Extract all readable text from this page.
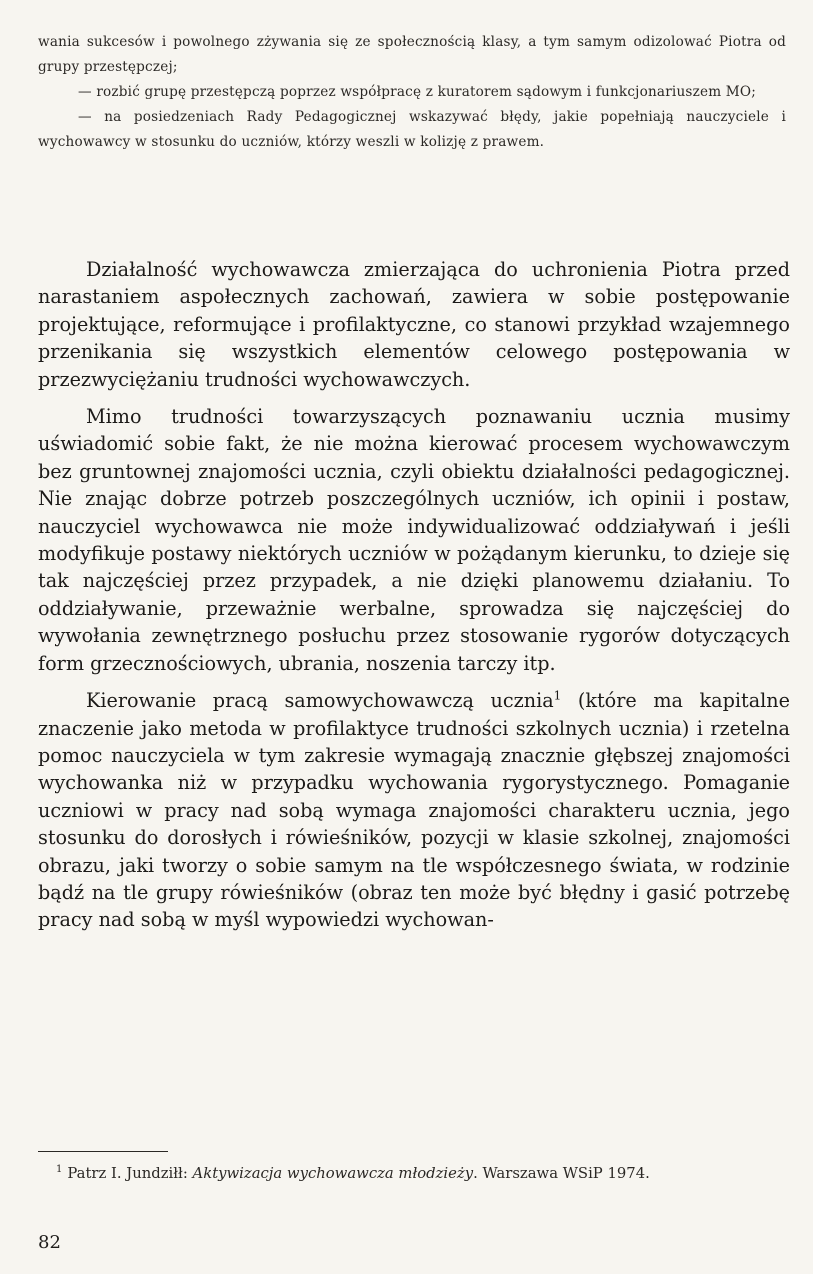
wania sukcesów i powolnego zżywania się ze społecznością klasy, a tym samym odizolować Piotra od grupy przestępczej;

— rozbić grupę przestępczą poprzez współpracę z kuratorem sądowym i funkcjonariuszem MO;

— na posiedzeniach Rady Pedagogicznej wskazywać błędy, jakie popełniają nauczyciele i wychowawcy w stosunku do uczniów, którzy weszli w kolizję z prawem.

Działalność wychowawcza zmierzająca do uchronienia Piotra przed narastaniem aspołecznych zachowań, zawiera w sobie postępowanie projektujące, reformujące i profilaktyczne, co stanowi przykład wzajemnego przenikania się wszystkich elementów celowego postępowania w przezwyciężaniu trudności wychowawczych.

Mimo trudności towarzyszących poznawaniu ucznia musimy uświadomić sobie fakt, że nie można kierować procesem wychowawczym bez gruntownej znajomości ucznia, czyli obiektu działalności pedagogicznej. Nie znając dobrze potrzeb poszczególnych uczniów, ich opinii i postaw, nauczyciel wychowawca nie może indywidualizować oddziaływań i jeśli modyfikuje postawy niektórych uczniów w pożądanym kierunku, to dzieje się tak najczęściej przez przypadek, a nie dzięki planowemu działaniu. To oddziaływanie, przeważnie werbalne, sprowadza się najczęściej do wywołania zewnętrznego posłuchu przez stosowanie rygorów dotyczących form grzecznościowych, ubrania, noszenia tarczy itp.

Kierowanie pracą samowychowawczą ucznia$^1$ (które ma kapitalne znaczenie jako metoda w profilaktyce trudności szkolnych ucznia) i rzetelna pomoc nauczyciela w tym zakresie wymagają znacznie głębszej znajomości wychowanka niż w przypadku wychowania rygorystycznego. Pomaganie uczniowi w pracy nad sobą wymaga znajomości charakteru ucznia, jego stosunku do dorosłych i rówieśników, pozycji w klasie szkolnej, znajomości obrazu, jaki tworzy o sobie samym na tle współczesnego świata, w rodzinie bądź na tle grupy rówieśników (obraz ten może być błędny i gasić potrzebę pracy nad sobą w myśl wypowiedzi wychowan-

$^1$ Patrz I. Jundziłł: Aktywizacja wychowawcza młodzieży. Warszawa WSiP 1974.

82
